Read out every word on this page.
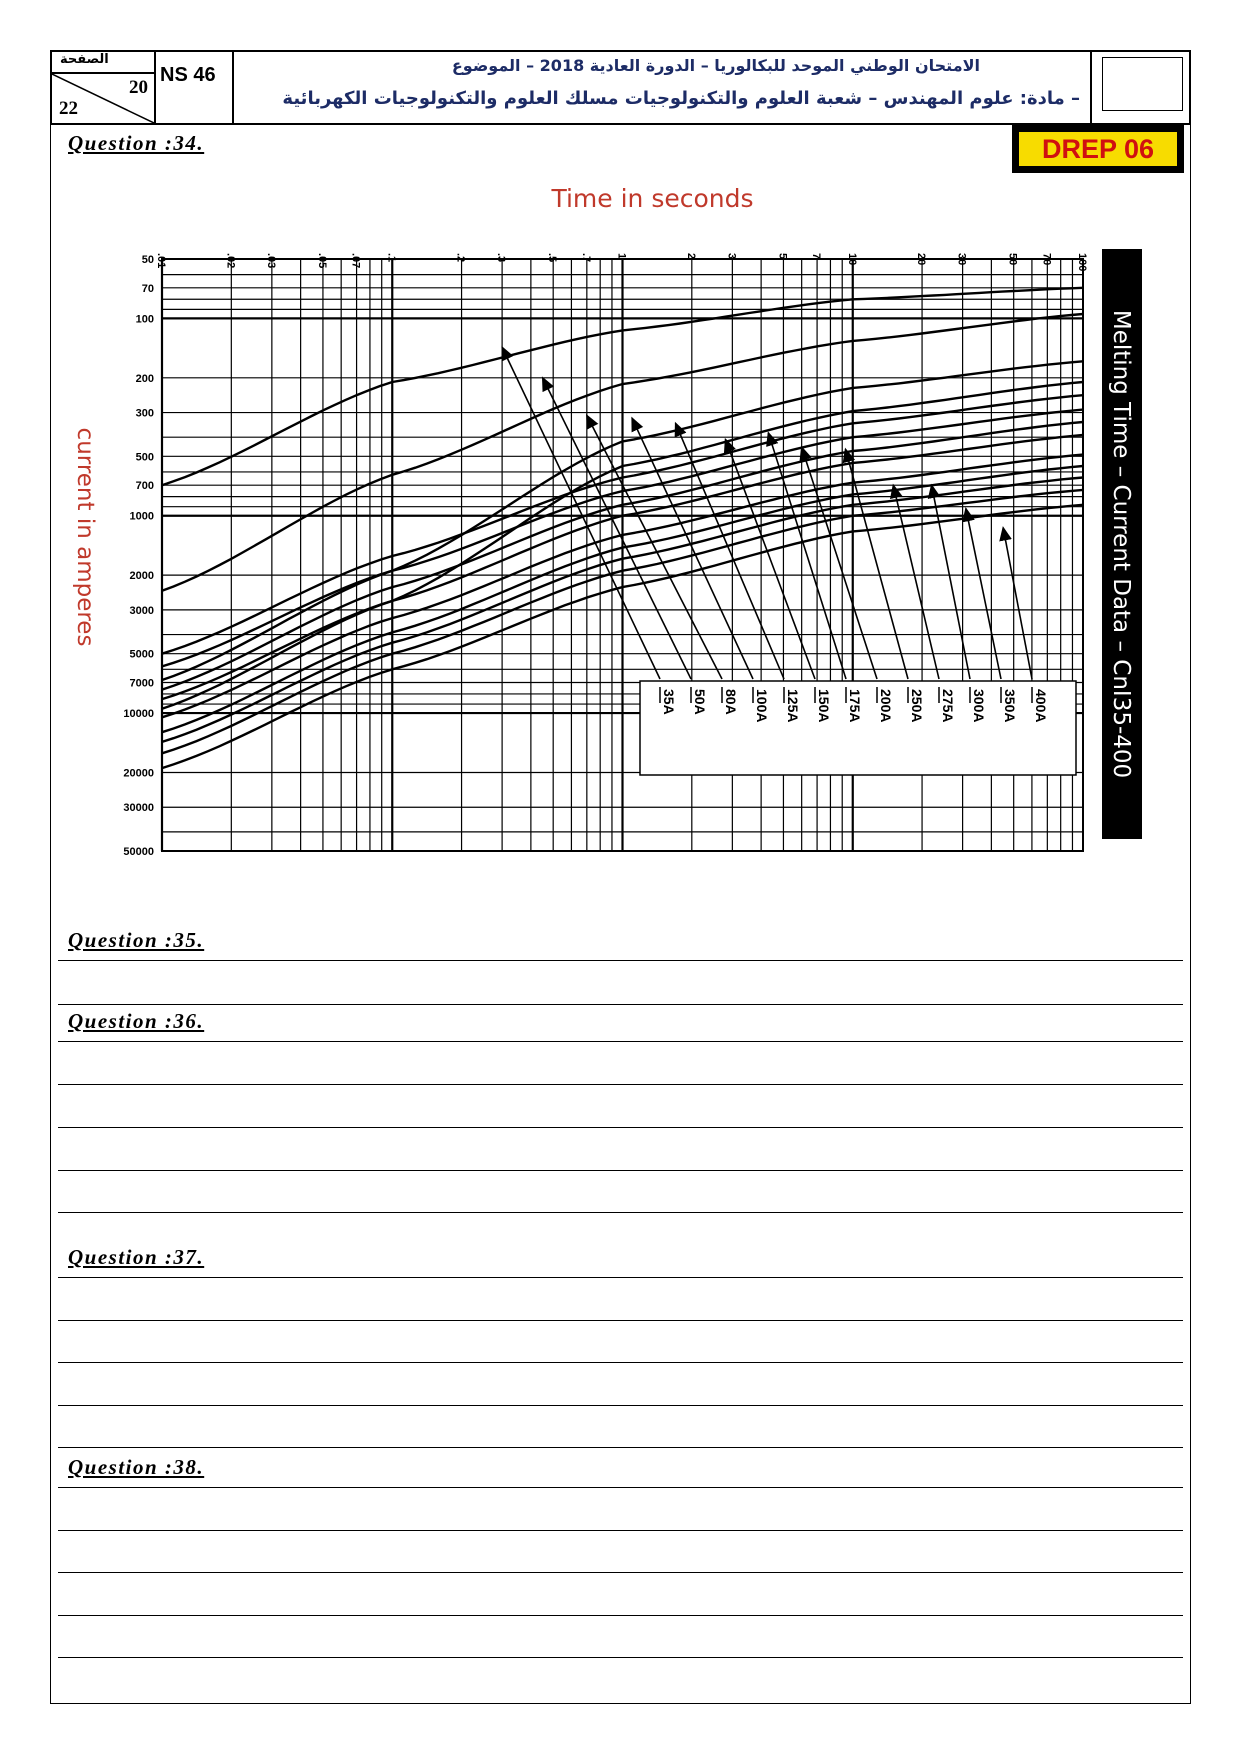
الصفحة
20
22
NS 46	الامتحان الوطني الموحد للبكالوريا – الدورة العادية 2018 – الموضوع
– مادة: علوم المهندس – شعبة العلوم والتكنولوجيات مسلك العلوم والتكنولوجيات الكهربائية
DREP 06
Question :34.
.01	.02	.03	.05 .07 .1	.2	.3	.5 .7 1	2	3	5 7 10	20	30	50 70 100
50
70
100
200
300
500
700
1000
2000
3000
5000
7000
10000
20000
30000
50000
Time in seconds
current in amperes	Melting Time – Current Data – CnI35-400
35A 50A 80A 100A 125A 150A 175A 200A 250A 275A 300A 350A 400A
Question :35.
Question :36.
Question :37.
Question :38.
